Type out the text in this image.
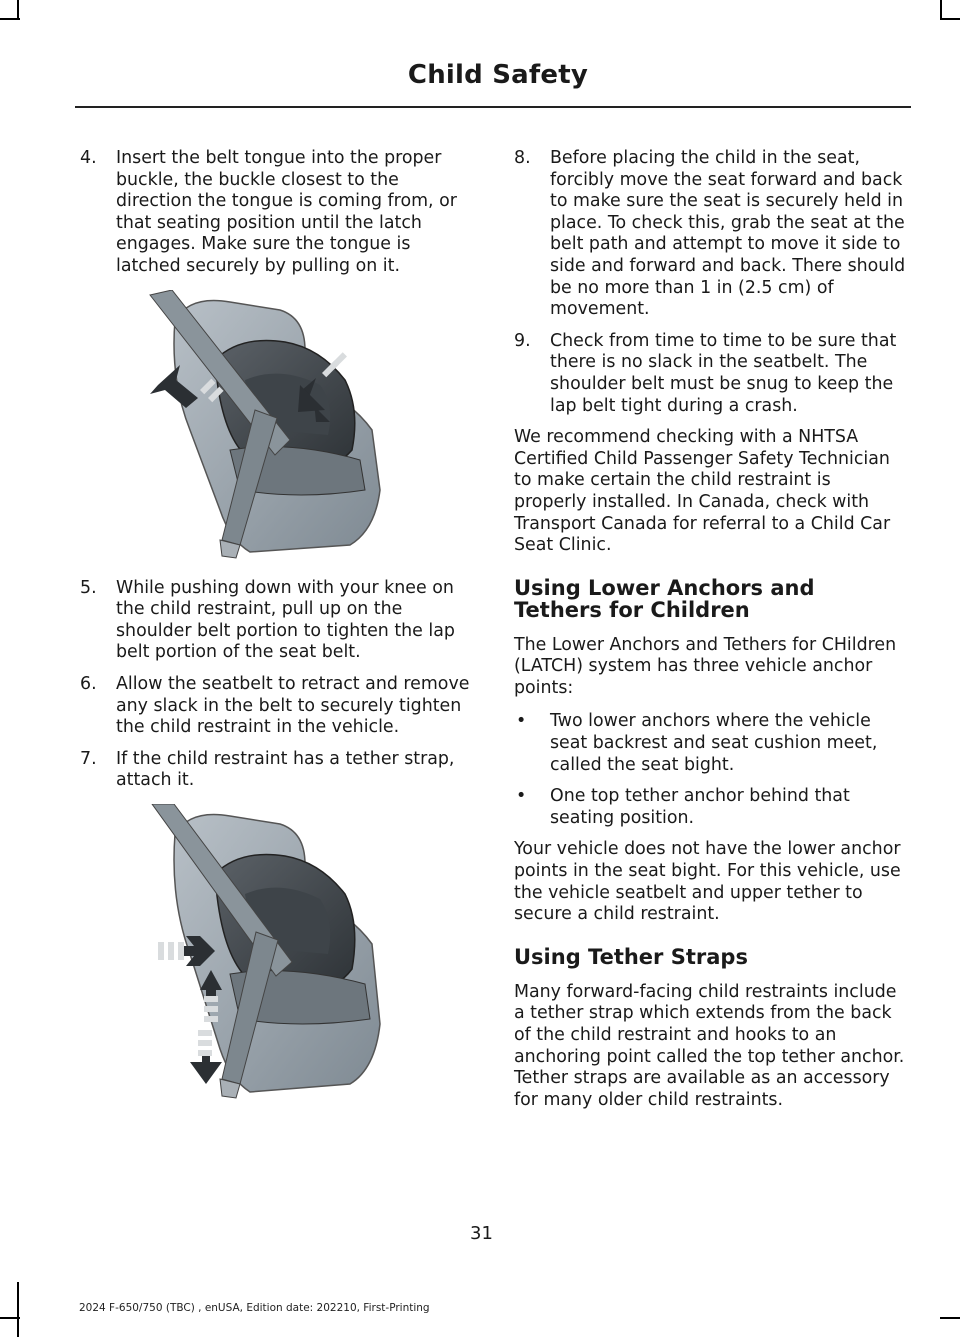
Child Safety
4.	Insert the belt tongue into the proper buckle, the buckle closest to the direction the tongue is coming from, or that seating position until the latch engages. Make sure the tongue is latched securely by pulling on it.
5.	While pushing down with your knee on the child restraint, pull up on the shoulder belt portion to tighten the lap belt portion of the seat belt.
6.	Allow the seatbelt to retract and remove any slack in the belt to securely tighten the child restraint in the vehicle.
7.	If the child restraint has a tether strap, attach it.
8.	Before placing the child in the seat, forcibly move the seat forward and back to make sure the seat is securely held in place. To check this, grab the seat at the belt path and attempt to move it side to side and forward and back. There should be no more than 1 in (2.5 cm) of movement.
9.	Check from time to time to be sure that there is no slack in the seatbelt. The shoulder belt must be snug to keep the lap belt tight during a crash.

We recommend checking with a NHTSA Certified Child Passenger Safety Technician to make certain the child restraint is properly installed. In Canada, check with Transport Canada for referral to a Child Car Seat Clinic.

Using Lower Anchors and Tethers for Children

The Lower Anchors and Tethers for CHildren (LATCH) system has three vehicle anchor points:

•	Two lower anchors where the vehicle seat backrest and seat cushion meet, called the seat bight.
•	One top tether anchor behind that seating position.

Your vehicle does not have the lower anchor points in the seat bight. For this vehicle, use the vehicle seatbelt and upper tether to secure a child restraint.

Using Tether Straps

Many forward-facing child restraints include a tether strap which extends from the back of the child restraint and hooks to an anchoring point called the top tether anchor. Tether straps are available as an accessory for many older child restraints.

31
2024 F-650/750 (TBC) , enUSA, Edition date: 202210, First-Printing
